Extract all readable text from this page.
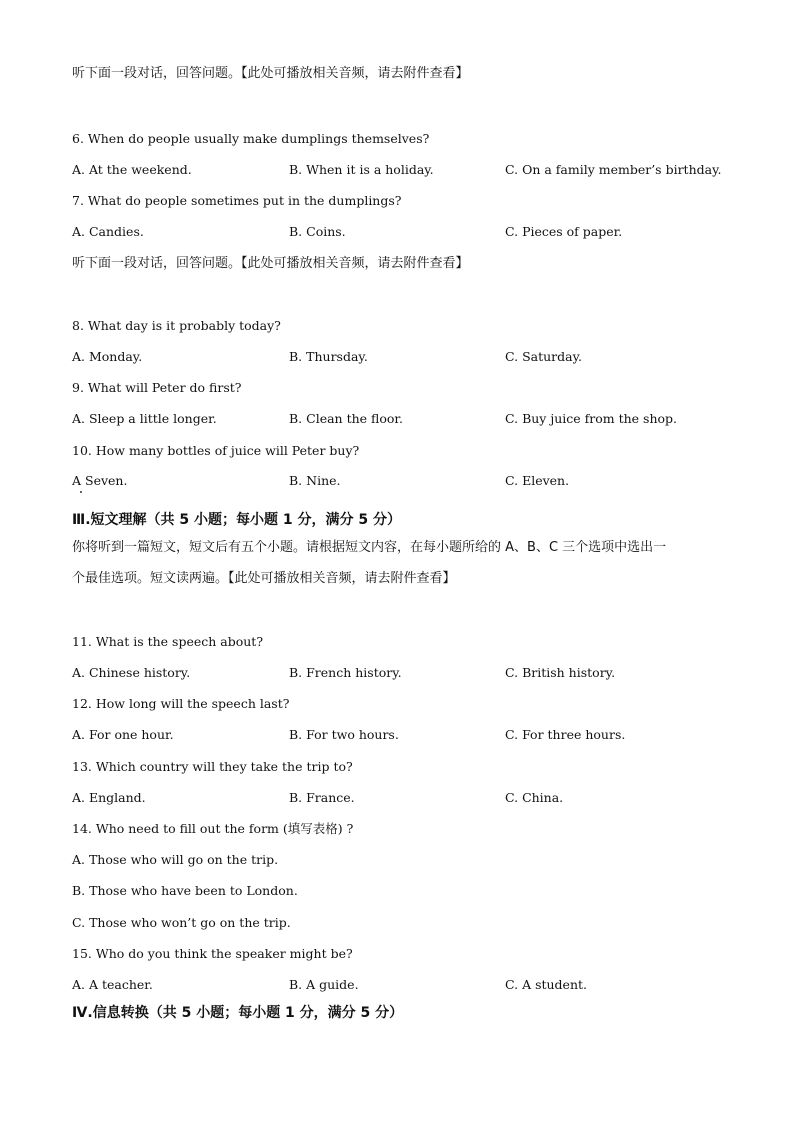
听下面一段对话，回答问题。【此处可播放相关音频，请去附件查看】
6. When do people usually make dumplings themselves?
A. At the weekend.	B. When it is a holiday.	C. On a family member’s birthday.
7. What do people sometimes put in the dumplings?
A. Candies.	B. Coins.	C. Pieces of paper.
听下面一段对话，回答问题。【此处可播放相关音频，请去附件查看】
8. What day is it probably today?
A. Monday.	B. Thursday.	C. Saturday.
9. What will Peter do first?
A. Sleep a little longer.	B. Clean the floor.	C. Buy juice from the shop.
10. How many bottles of juice will Peter buy?
A Seven.	B. Nine.	C. Eleven.
Ⅲ.短文理解（共 5 小题；每小题 1 分，满分 5 分）
你将听到一篇短文，短文后有五个小题。请根据短文内容，在每小题所给的 A、B、C 三个选项中选出一
个最佳选项。短文读两遍。【此处可播放相关音频，请去附件查看】
11. What is the speech about?
A. Chinese history.	B. French history.	C. British history.
12. How long will the speech last?
A. For one hour.	B. For two hours.	C. For three hours.
13. Which country will they take the trip to?
A. England.	B. France.	C. China.
14. Who need to fill out the form (填写表格) ?
A. Those who will go on the trip.
B. Those who have been to London.
C. Those who won’t go on the trip.
15. Who do you think the speaker might be?
A. A teacher.	B. A guide.	C. A student.
Ⅳ.信息转换（共 5 小题；每小题 1 分，满分 5 分）
